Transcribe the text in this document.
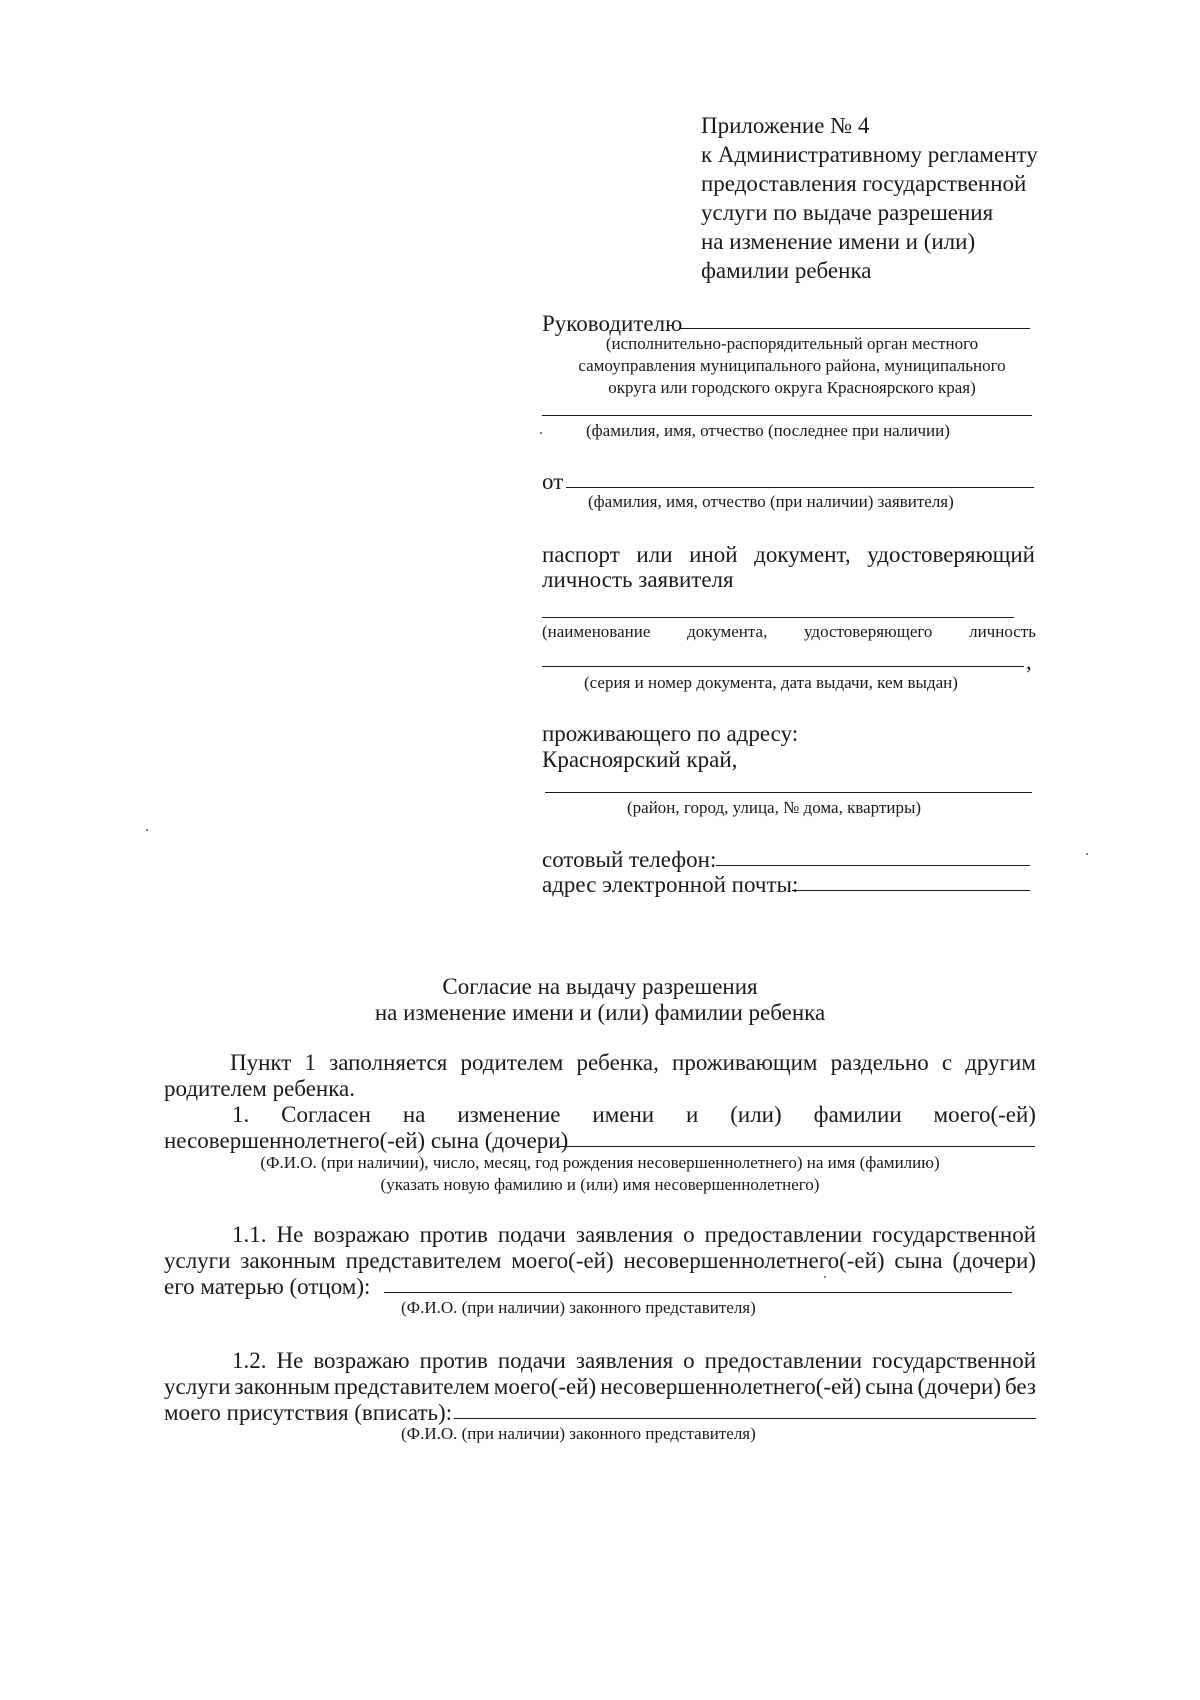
Приложение № 4
к Административному регламенту
предоставления государственной
услуги по выдаче разрешения
на изменение имени и (или)
фамилии ребенка
Руководителю
(исполнительно-распорядительный орган местного
самоуправления муниципального района, муниципального
округа или городского округа Красноярского края)
(фамилия, имя, отчество (последнее при наличии)
от
(фамилия, имя, отчество (при наличии) заявителя)
паспорт или иной документ, удостоверяющий
личность заявителя
(наименование документа, удостоверяющего личность
,
(серия и номер документа, дата выдачи, кем выдан)
проживающего по адресу:
Красноярский край,
(район, город, улица, № дома, квартиры)
сотовый телефон:
адрес электронной почты:
Согласие на выдачу разрешения
на изменение имени и (или) фамилии ребенка
Пункт 1 заполняется родителем ребенка, проживающим раздельно с другим
родителем ребенка.
1. Согласен на изменение имени и (или) фамилии моего(-ей)
несовершеннолетнего(-ей) сына (дочери)
(Ф.И.О. (при наличии), число, месяц, год рождения несовершеннолетнего) на имя (фамилию)
(указать новую фамилию и (или) имя несовершеннолетнего)
1.1. Не возражаю против подачи заявления о предоставлении государственной
услуги законным представителем моего(-ей) несовершеннолетнего(-ей) сына (дочери)
его матерью (отцом):
(Ф.И.О. (при наличии) законного представителя)
1.2. Не возражаю против подачи заявления о предоставлении государственной
услуги законным представителем моего(-ей) несовершеннолетнего(-ей) сына (дочери) без
моего присутствия (вписать):
(Ф.И.О. (при наличии) законного представителя)
